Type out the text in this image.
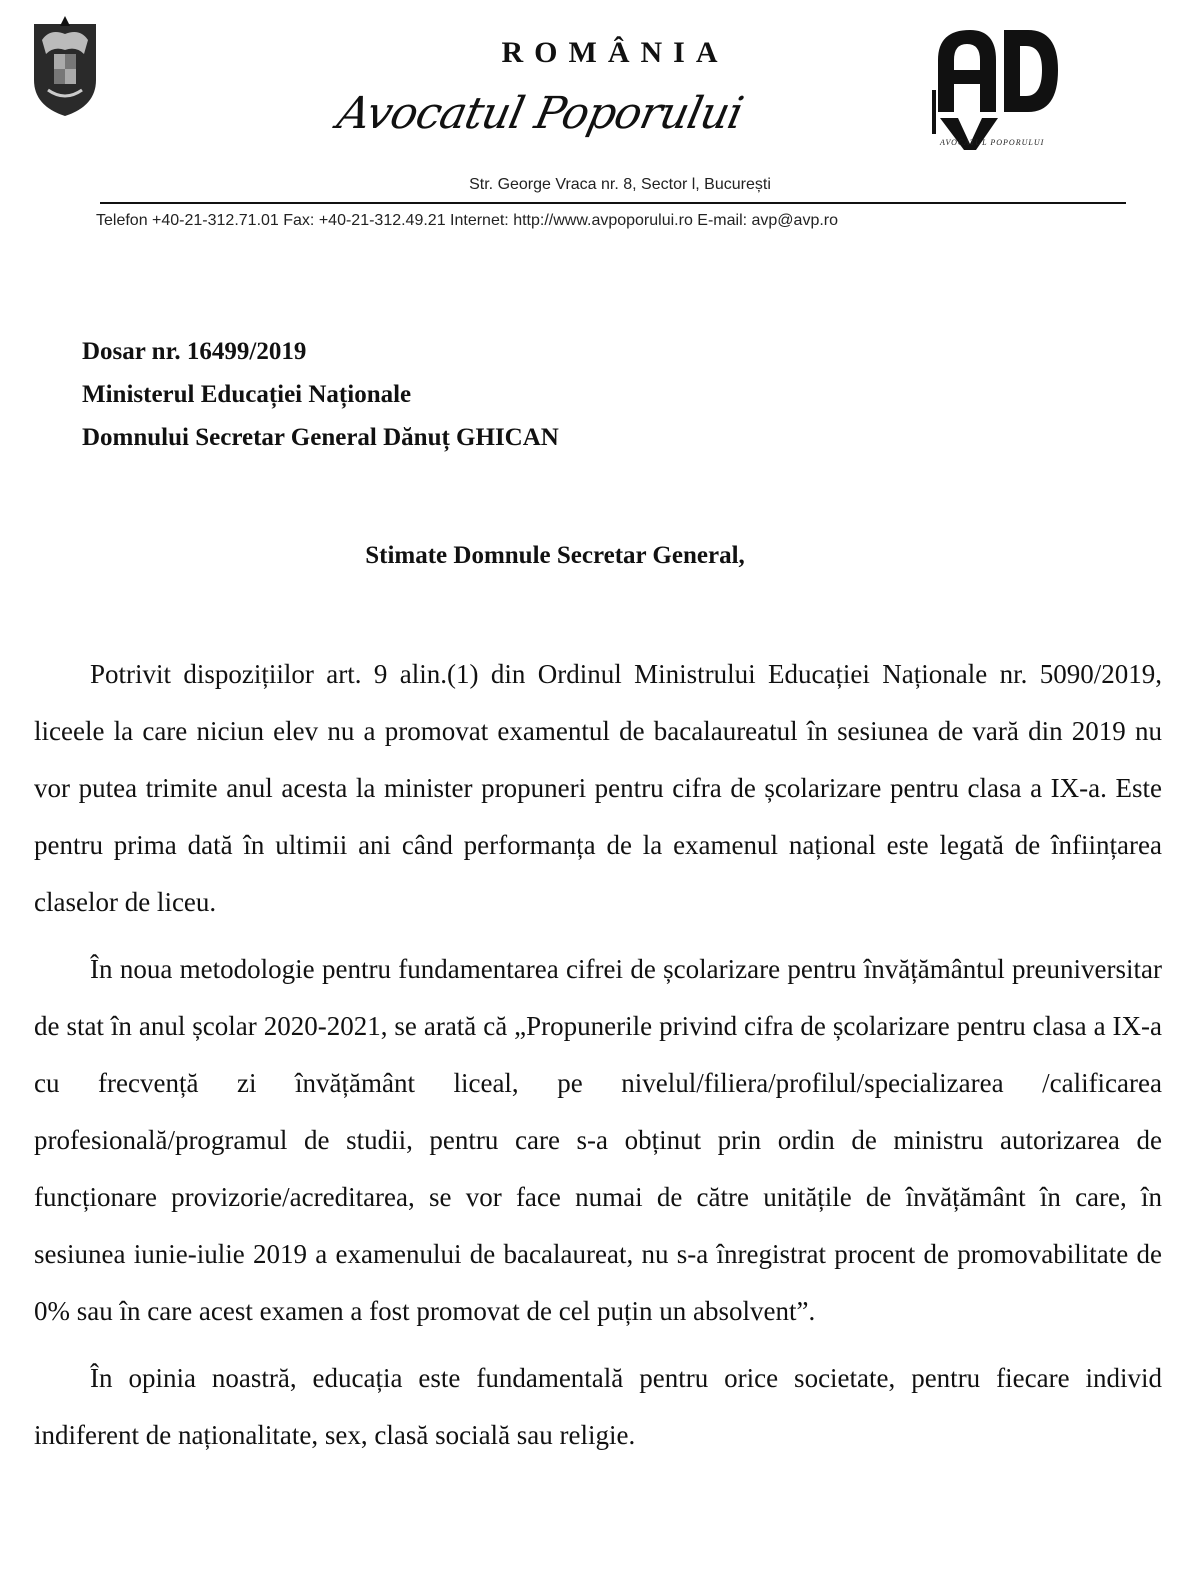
ROMÂNIA
Avocatul Poporului
AVOCATUL POPORULUI
Str. George Vraca nr. 8, Sector l, București
Telefon +40-21-312.71.01 Fax: +40-21-312.49.21 Internet: http://www.avpoporului.ro E-mail: avp@avp.ro
Dosar nr. 16499/2019
Ministerul Educației Naționale
Domnului Secretar General Dănuț GHICAN
Stimate Domnule Secretar General,

Potrivit dispozițiilor art. 9 alin.(1) din Ordinul Ministrului Educației Naționale nr. 5090/2019, liceele la care niciun elev nu a promovat examentul de bacalaureatul în sesiunea de vară din 2019 nu vor putea trimite anul acesta la minister propuneri pentru cifra de școlarizare pentru clasa a IX-a. Este pentru prima dată în ultimii ani când performanța de la examenul național este legată de înființarea claselor de liceu.

În noua metodologie pentru fundamentarea cifrei de școlarizare pentru învățământul preuniversitar de stat în anul școlar 2020-2021, se arată că „Propunerile privind cifra de școlarizare pentru clasa a IX-a cu frecvență zi învățământ liceal, pe nivelul/filiera/profilul/specializarea /calificarea profesională/programul de studii, pentru care s-a obținut prin ordin de ministru autorizarea de funcționare provizorie/acreditarea, se vor face numai de către unitățile de învățământ în care, în sesiunea iunie-iulie 2019 a examenului de bacalaureat, nu s-a înregistrat procent de promovabilitate de 0% sau în care acest examen a fost promovat de cel puțin un absolvent”.

În opinia noastră, educația este fundamentală pentru orice societate, pentru fiecare individ indiferent de naționalitate, sex, clasă socială sau religie.
